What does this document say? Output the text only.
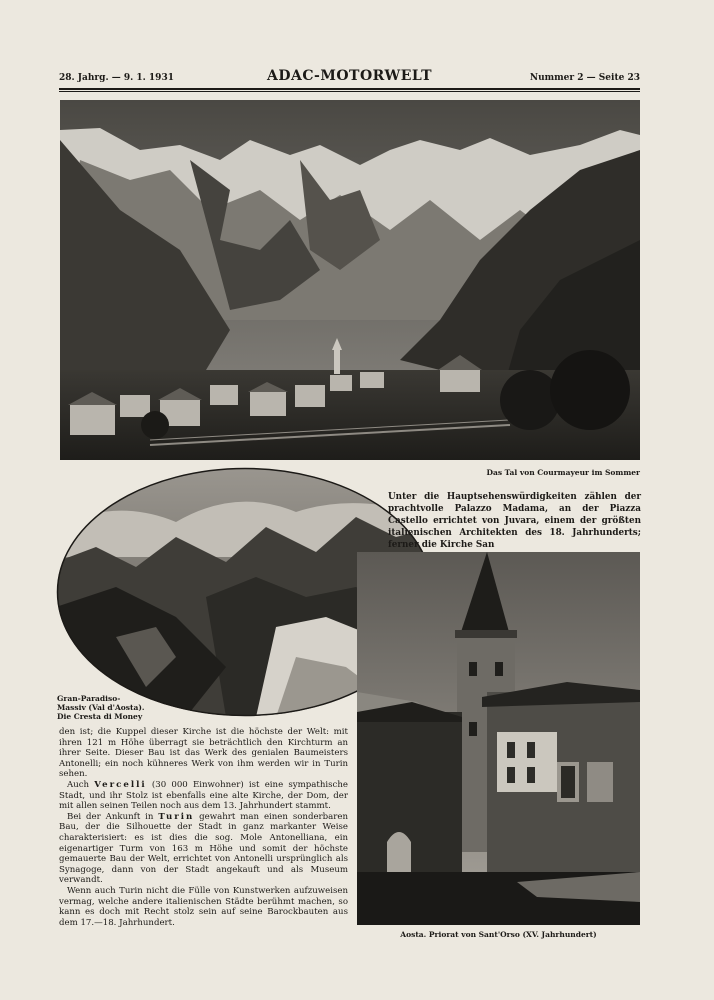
28. Jahrg. — 9. 1. 1931	ADAC-MOTORWELT	Nummer 2 — Seite 23
Das Tal von Courmayeur im Sommer
Gran-Paradiso-
Massiv (Val d'Aosta).
Die Cresta di Money
Unter die Hauptsehenswürdigkeiten zählen der prachtvolle Palazzo Madama, an der Piazza Castello errichtet von Juvara, einem der größten italienischen Architekten des 18. Jahrhunderts; ferner die Kirche San
Aosta. Priorat von Sant'Orso (XV. Jahrhundert)

den ist; die Kuppel dieser Kirche ist die höchste der Welt: mit ihren 121 m Höhe überragt sie beträchtlich den Kirchturm an ihrer Seite. Dieser Bau ist das Werk des genialen Baumeisters Antonelli; ein noch kühneres Werk von ihm werden wir in Turin sehen.

Auch Vercelli (30 000 Einwohner) ist eine sympathische Stadt, und ihr Stolz ist ebenfalls eine alte Kirche, der Dom, der mit allen seinen Teilen noch aus dem 13. Jahrhundert stammt.

Bei der Ankunft in Turin gewahrt man einen sonderbaren Bau, der die Silhouette der Stadt in ganz markanter Weise charakterisiert: es ist dies die sog. Mole Antonelliana, ein eigenartiger Turm von 163 m Höhe und somit der höchste gemauerte Bau der Welt, errichtet von Antonelli ursprünglich als Synagoge, dann von der Stadt angekauft und als Museum verwandt.

Wenn auch Turin nicht die Fülle von Kunstwerken aufzuweisen vermag, welche andere italienischen Städte berühmt machen, so kann es doch mit Recht stolz sein auf seine Barockbauten aus dem 17.—18. Jahrhundert.
